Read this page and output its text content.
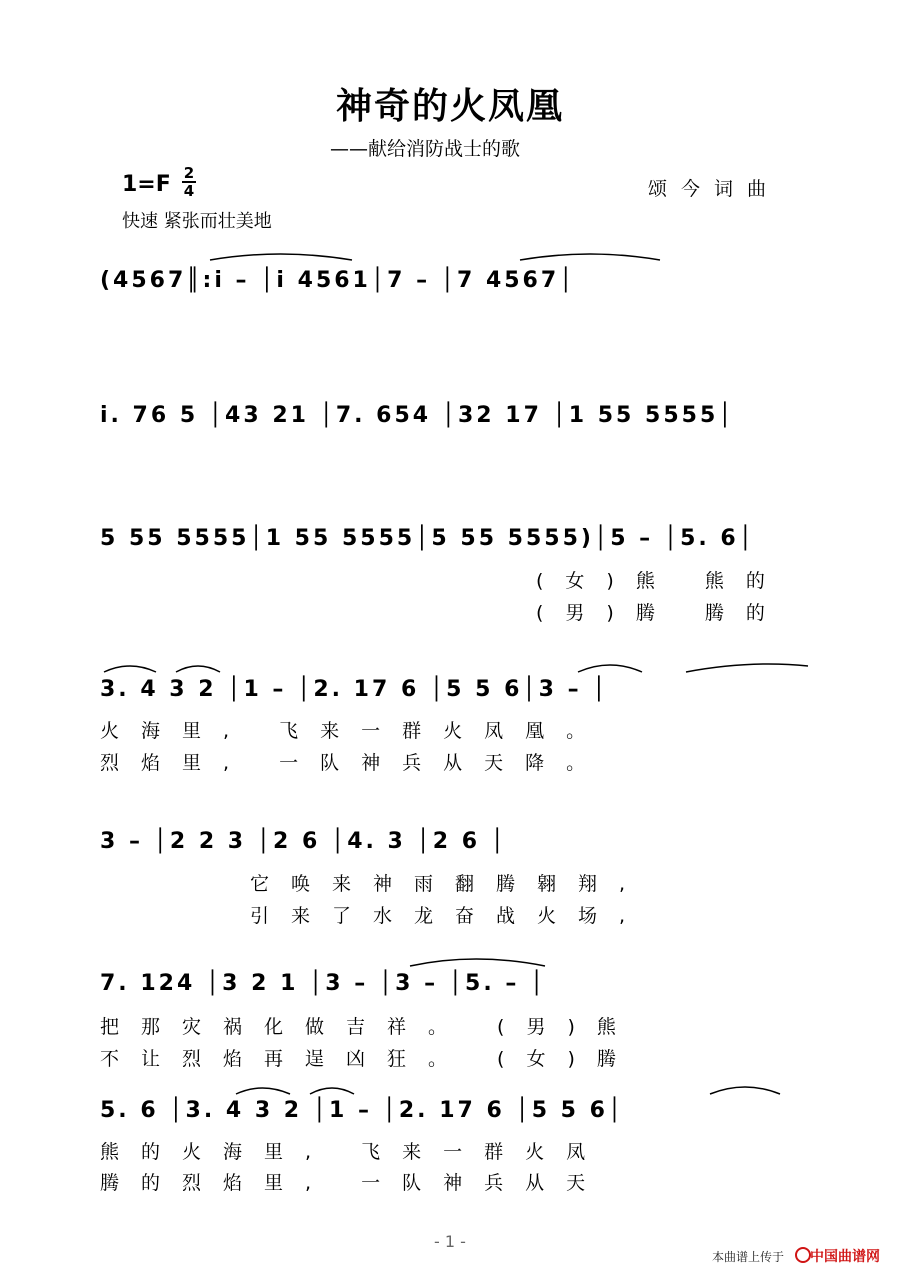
神奇的火凤凰
——献给消防战士的歌
1=F 2
4	颂今词曲
快速 紧张而壮美地
(4567║:i – │i 4561│7 – │7 4567│
i. 76 5 │43 21 │7. 654 │32 17 │1 55 5555│
5 55 5555│1 55 5555│5 55 5555)│5 – │5. 6│
(女)熊 熊的
(男)腾 腾的
3. 4 3 2 │1 – │2. 17 6 │5 5 6│3 – │
火海里, 飞来一群火凤凰。
烈焰里, 一队神兵从天降。
3 – │2 2 3 │2 6 │4. 3 │2 6 │
它唤来神雨翻腾翱翔,
引来了水龙奋战火场,
7. 124 │3 2 1 │3 – │3 – │5. – │
把那灾祸化做吉祥。 (男)熊
不让烈焰再逞凶狂。 (女)腾
5. 6 │3. 4 3 2 │1 – │2. 17 6 │5 5 6│
熊的火海里, 飞来一群火凤
腾的烈焰里, 一队神兵从天
- 1 -
本曲谱上传于 中国曲谱网
